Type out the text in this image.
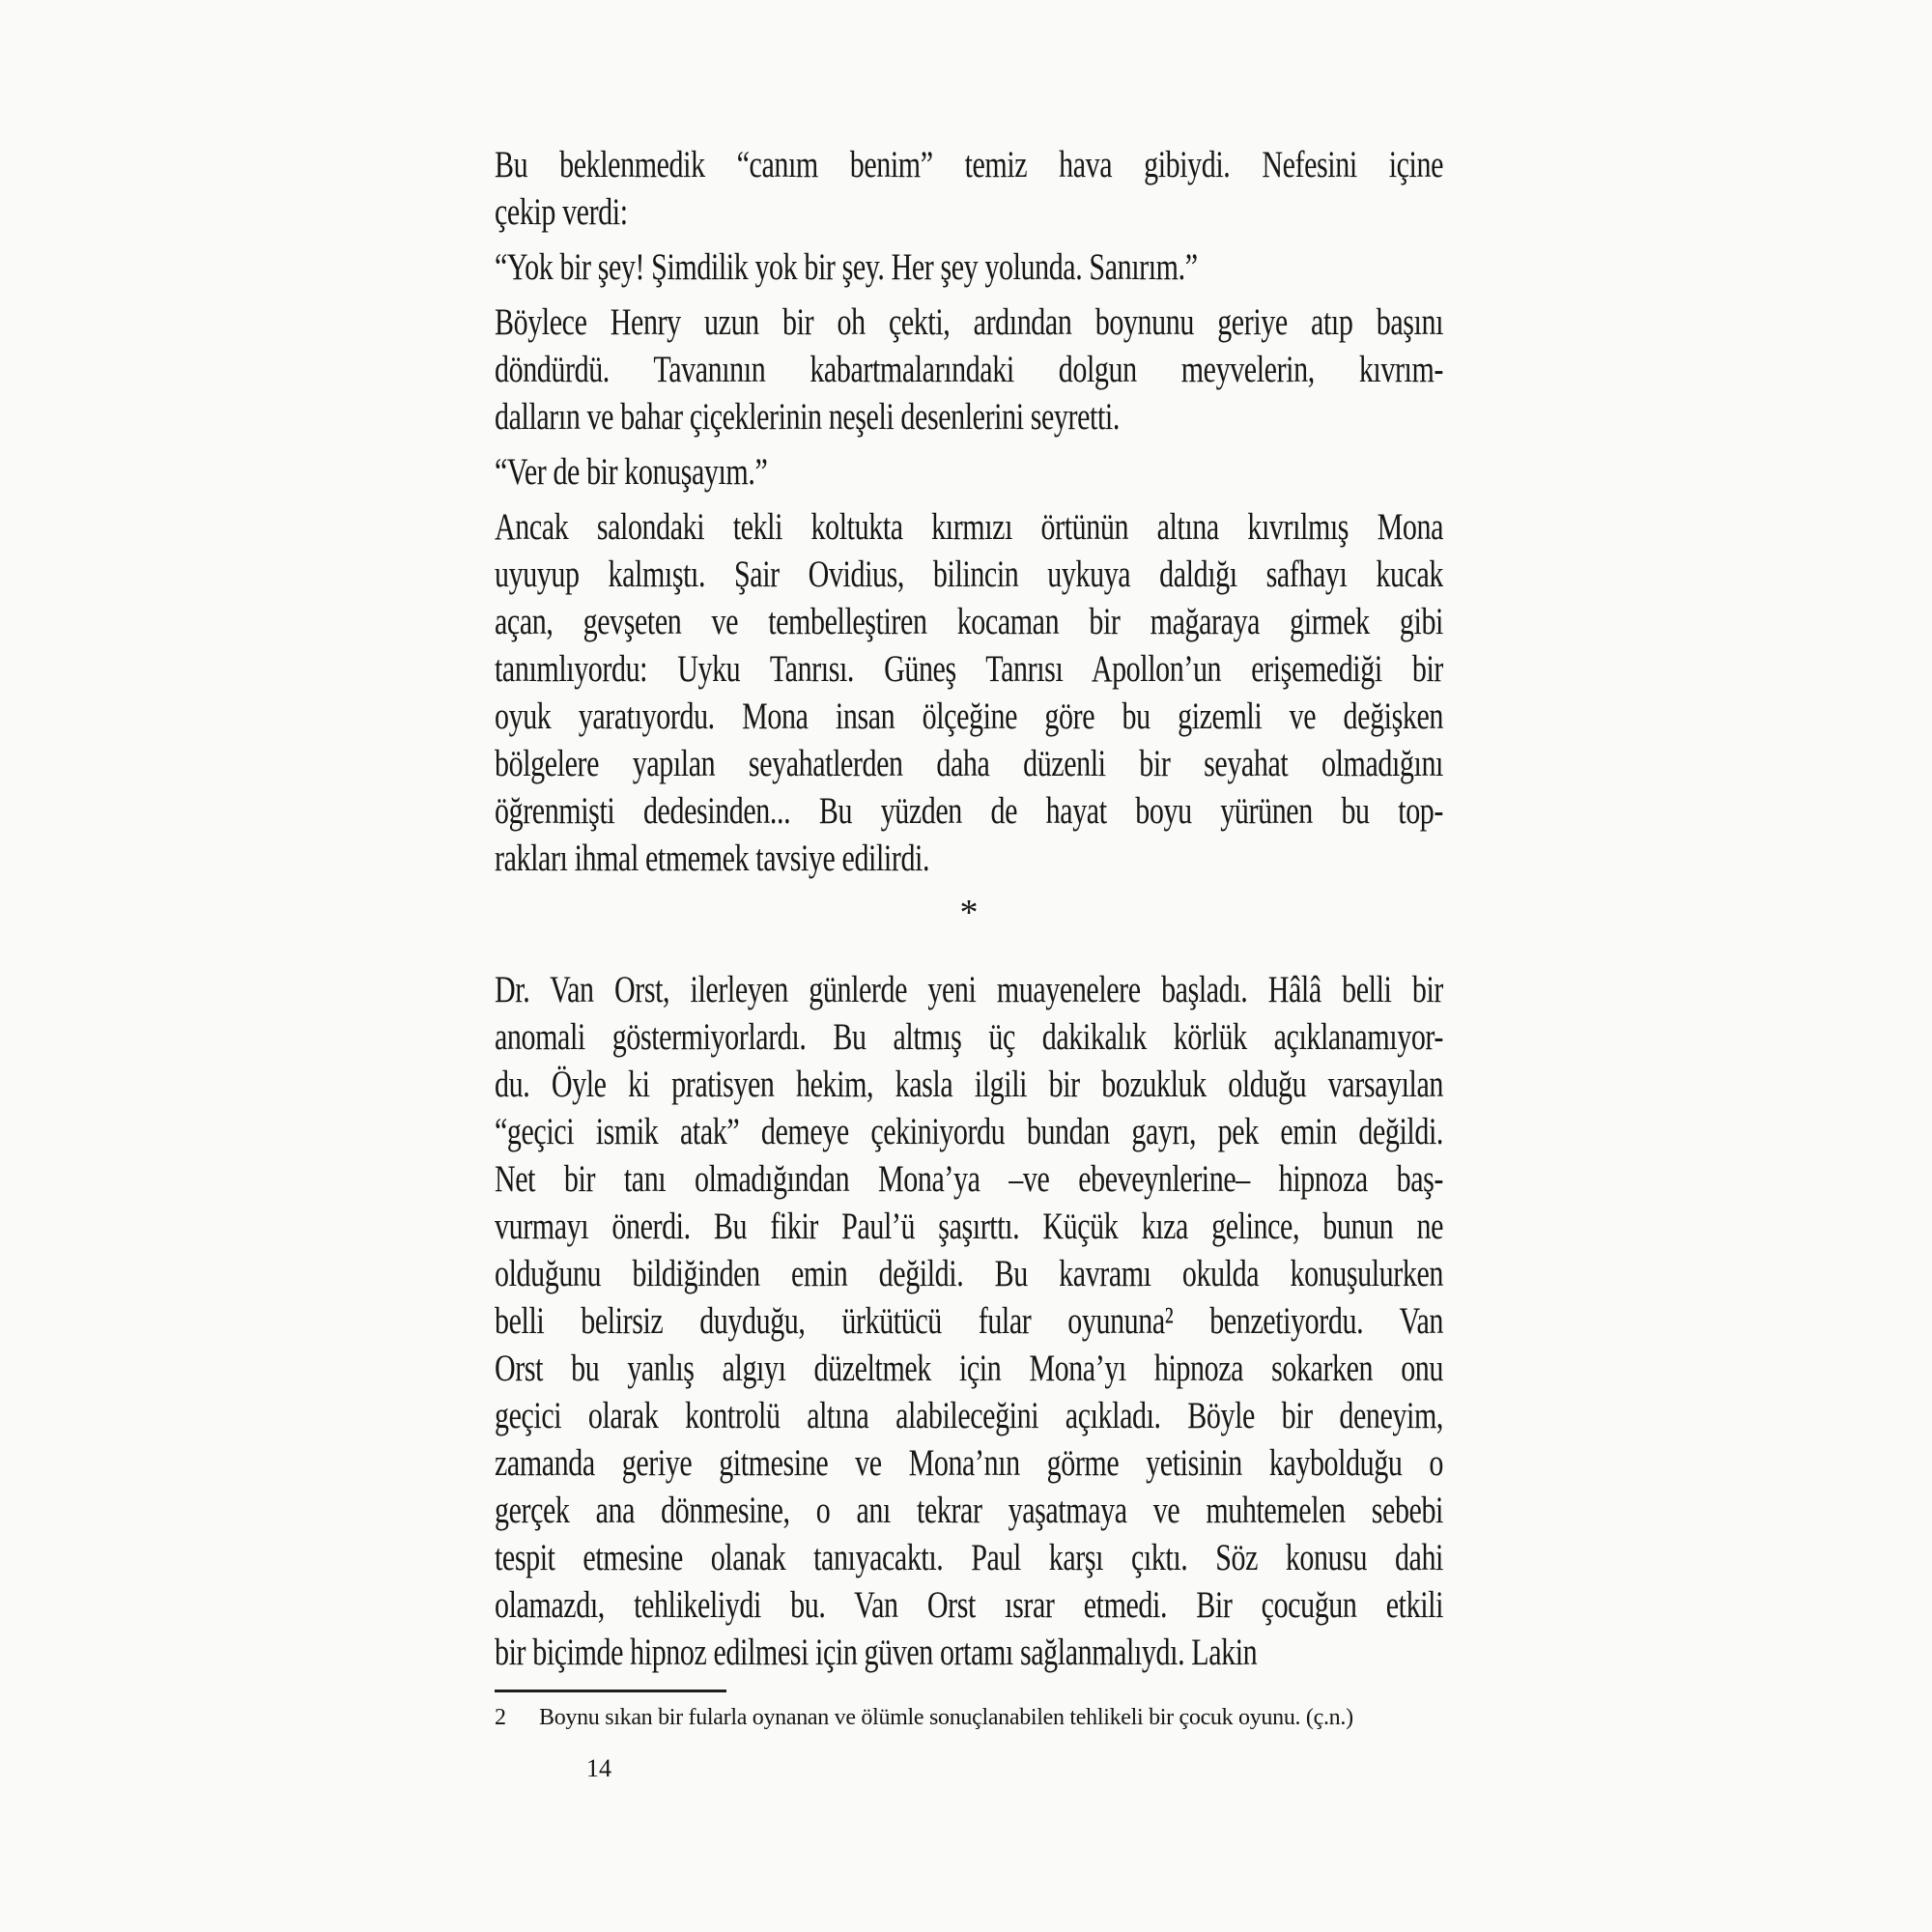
Bu beklenmedik “canım benim” temiz hava gibiydi. Nefesini içine
çekip verdi:
“Yok bir şey! Şimdilik yok bir şey. Her şey yolunda. Sanırım.”
Böylece Henry uzun bir oh çekti, ardından boynunu geriye atıp başını
döndürdü. Tavanının kabartmalarındaki dolgun meyvelerin, kıvrım-
dalların ve bahar çiçeklerinin neşeli desenlerini seyretti.
“Ver de bir konuşayım.”
Ancak salondaki tekli koltukta kırmızı örtünün altına kıvrılmış Mona
uyuyup kalmıştı. Şair Ovidius, bilincin uykuya daldığı safhayı kucak
açan, gevşeten ve tembelleştiren kocaman bir mağaraya girmek gibi
tanımlıyordu: Uyku Tanrısı. Güneş Tanrısı Apollon’un erişemediği bir
oyuk yaratıyordu. Mona insan ölçeğine göre bu gizemli ve değişken
bölgelere yapılan seyahatlerden daha düzenli bir seyahat olmadığını
öğrenmişti dedesinden... Bu yüzden de hayat boyu yürünen bu top-
rakları ihmal etmemek tavsiye edilirdi.
*
Dr. Van Orst, ilerleyen günlerde yeni muayenelere başladı. Hâlâ belli bir
anomali göstermiyorlardı. Bu altmış üç dakikalık körlük açıklanamıyor-
du. Öyle ki pratisyen hekim, kasla ilgili bir bozukluk olduğu varsayılan
“geçici ismik atak” demeye çekiniyordu bundan gayrı, pek emin değildi.
Net bir tanı olmadığından Mona’ya –ve ebeveynlerine– hipnoza baş-
vurmayı önerdi. Bu fikir Paul’ü şaşırttı. Küçük kıza gelince, bunun ne
olduğunu bildiğinden emin değildi. Bu kavramı okulda konuşulurken
belli belirsiz duyduğu, ürkütücü fular oyununa² benzetiyordu. Van
Orst bu yanlış algıyı düzeltmek için Mona’yı hipnoza sokarken onu
geçici olarak kontrolü altına alabileceğini açıkladı. Böyle bir deneyim,
zamanda geriye gitmesine ve Mona’nın görme yetisinin kaybolduğu o
gerçek ana dönmesine, o anı tekrar yaşatmaya ve muhtemelen sebebi
tespit etmesine olanak tanıyacaktı. Paul karşı çıktı. Söz konusu dahi
olamazdı, tehlikeliydi bu. Van Orst ısrar etmedi. Bir çocuğun etkili
bir biçimde hipnoz edilmesi için güven ortamı sağlanmalıydı. Lakin
2 Boynu sıkan bir fularla oynanan ve ölümle sonuçlanabilen tehlikeli bir çocuk oyunu. (ç.n.)
14
